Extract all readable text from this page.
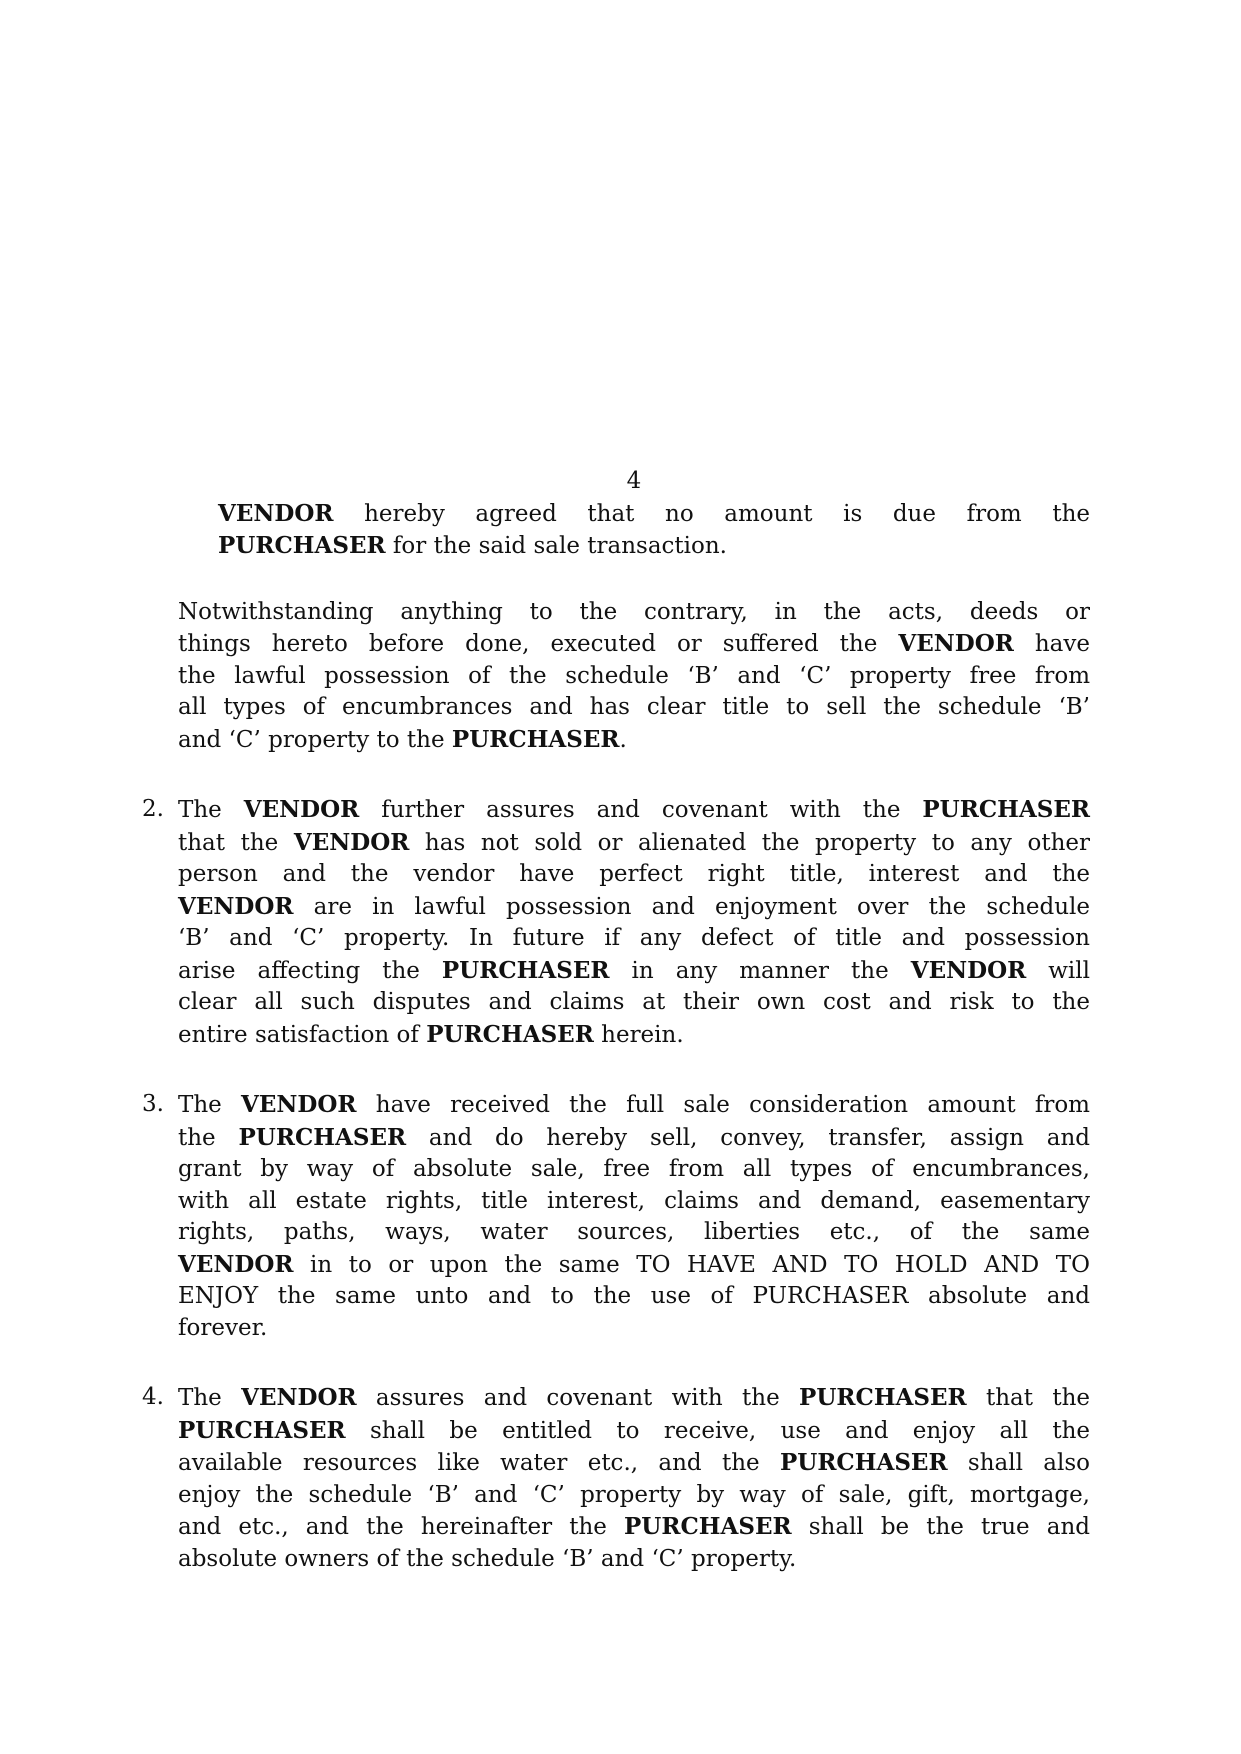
4
VENDOR hereby agreed that no amount is due from the
PURCHASER for the said sale transaction.
Notwithstanding anything to the contrary, in the acts, deeds or
things hereto before done, executed or suffered the VENDOR have
the lawful possession of the schedule ‘B’ and ‘C’ property free from
all types of encumbrances and has clear title to sell the schedule ‘B’
and ‘C’ property to the PURCHASER.
2. The VENDOR further assures and covenant with the PURCHASER
that the VENDOR has not sold or alienated the property to any other
person and the vendor have perfect right title, interest and the
VENDOR are in lawful possession and enjoyment over the schedule
‘B’ and ‘C’ property. In future if any defect of title and possession
arise affecting the PURCHASER in any manner the VENDOR will
clear all such disputes and claims at their own cost and risk to the
entire satisfaction of PURCHASER herein.
3. The VENDOR have received the full sale consideration amount from
the PURCHASER and do hereby sell, convey, transfer, assign and
grant by way of absolute sale, free from all types of encumbrances,
with all estate rights, title interest, claims and demand, easementary
rights, paths, ways, water sources, liberties etc., of the same
VENDOR in to or upon the same TO HAVE AND TO HOLD AND TO
ENJOY the same unto and to the use of PURCHASER absolute and
forever.
4. The VENDOR assures and covenant with the PURCHASER that the
PURCHASER shall be entitled to receive, use and enjoy all the
available resources like water etc., and the PURCHASER shall also
enjoy the schedule ‘B’ and ‘C’ property by way of sale, gift, mortgage,
and etc., and the hereinafter the PURCHASER shall be the true and
absolute owners of the schedule ‘B’ and ‘C’ property.
